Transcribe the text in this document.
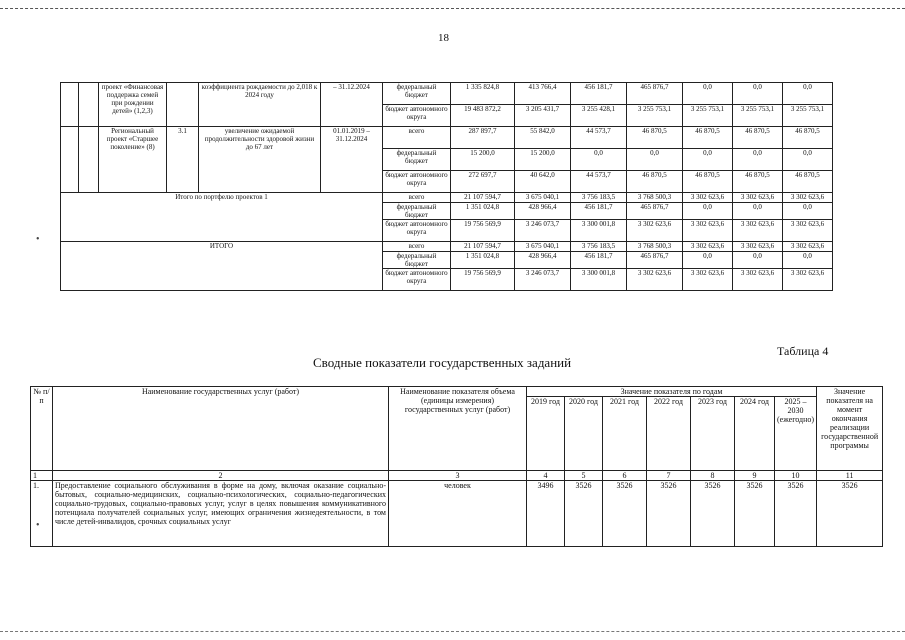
18
		проект «Финансовая поддержка семей при рождении детей» (1,2,3)		коэффициента рождаемости до 2,018 к 2024 году	– 31.12.2024	федеральный бюджет	1 335 824,8	413 766,4	456 181,7	465 876,7	0,0	0,0	0,0
						бюджет автономного округа	19 483 872,2	3 205 431,7	3 255 428,1	3 255 753,1	3 255 753,1	3 255 753,1	3 255 753,1
		Региональный проект «Старшее поколение» (8)	3.1	увеличение ожидаемой продолжительности здоровой жизни до 67 лет	01.01.2019 – 31.12.2024	всего	287 897,7	55 842,0	44 573,7	46 870,5	46 870,5	46 870,5	46 870,5
						федеральный бюджет	15 200,0	15 200,0	0,0	0,0	0,0	0,0	0,0
						бюджет автономного округа	272 697,7	40 642,0	44 573,7	46 870,5	46 870,5	46 870,5	46 870,5
Итого по портфелю проектов 1						всего	21 107 594,7	3 675 040,1	3 756 183,5	3 768 500,3	3 302 623,6	3 302 623,6	3 302 623,6
						федеральный бюджет	1 351 024,8	428 966,4	456 181,7	465 876,7	0,0	0,0	0,0
						бюджет автономного округа	19 756 569,9	3 246 073,7	3 300 001,8	3 302 623,6	3 302 623,6	3 302 623,6	3 302 623,6
ИТОГО						всего	21 107 594,7	3 675 040,1	3 756 183,5	3 768 500,3	3 302 623,6	3 302 623,6	3 302 623,6
						федеральный бюджет	1 351 024,8	428 966,4	456 181,7	465 876,7	0,0	0,0	0,0
						бюджет автономного округа	19 756 569,9	3 246 073,7	3 300 001,8	3 302 623,6	3 302 623,6	3 302 623,6	3 302 623,6
•
•
Таблица 4
Сводные показатели государственных заданий
№ п/ п	Наименование государственных услуг (работ)	Наименование показателя объема (единицы измерения) государственных услуг (работ)	Значение показателя по годам							Значение показателя на момент окончания реализации государственной программы
			2019 год	2020 год	2021 год	2022 год	2023 год	2024 год	2025 – 2030 (ежегодно)	
1	2	3	4	5	6	7	8	9	10	11
1.	Предоставление социального обслуживания в форме на дому, включая оказание социально-бытовых, социально-медицинских, социально-психологических, социально-педагогических социально-трудовых, социально-правовых услуг, услуг в целях повышения коммуникативного потенциала получателей социальных услуг, имеющих ограничения жизнедеятельности, в том числе детей-инвалидов, срочных социальных услуг	человек	3496	3526	3526	3526	3526	3526	3526	3526
